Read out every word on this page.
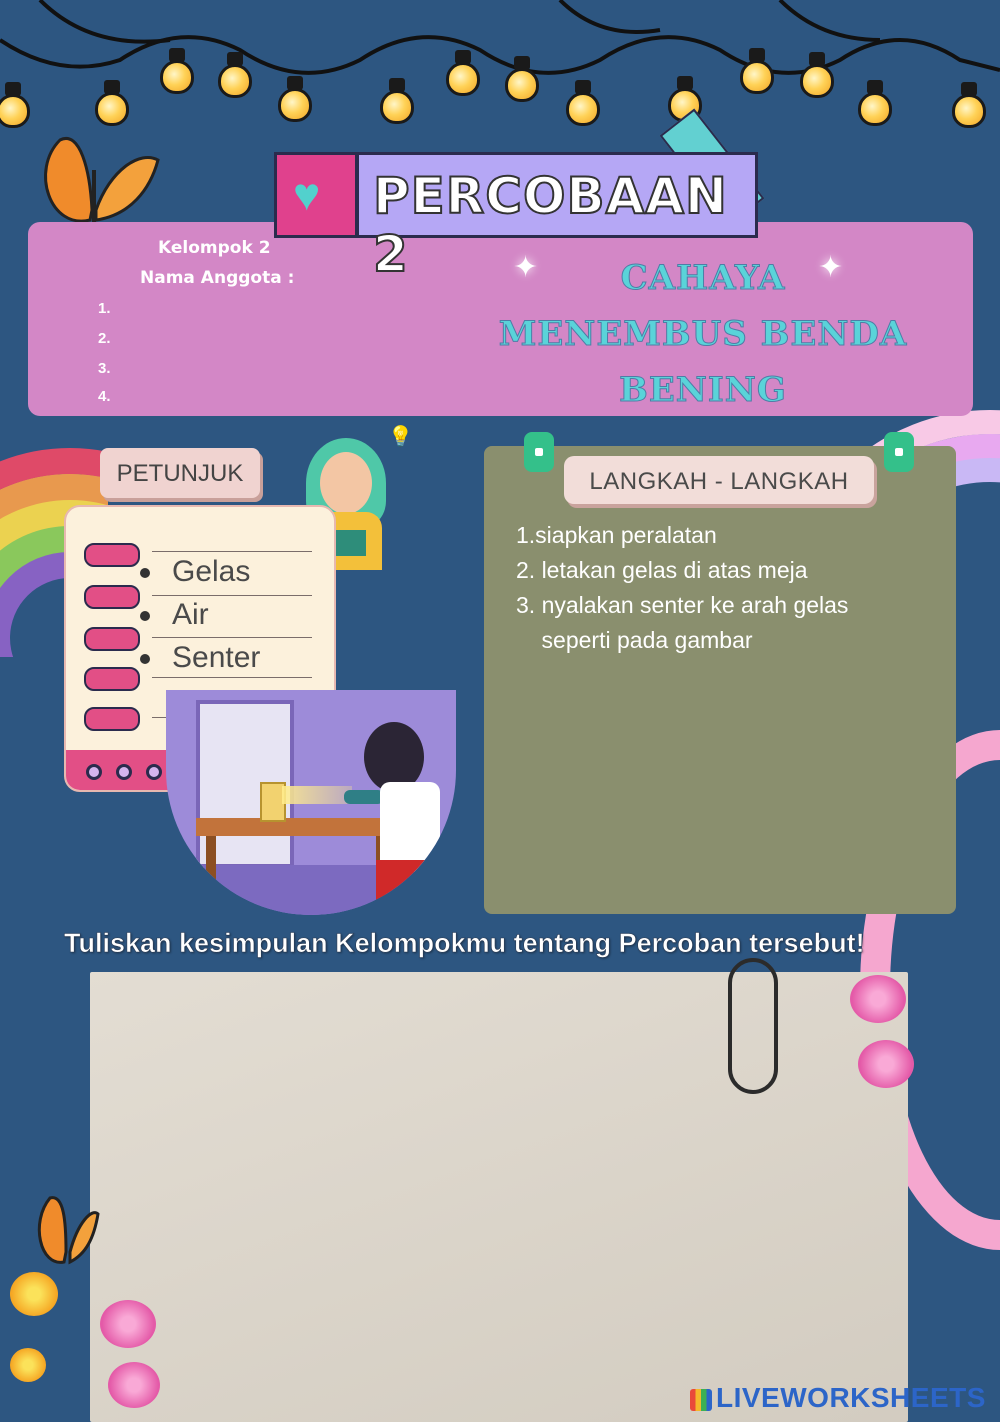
Kelompok 2
Nama Anggota :
1.
2.
3.
4.
✦	✦
CAHAYA
MENEMBUS BENDA
BENING
♥ PERCOBAAN 2
💡
PETUNJUK
Gelas
Air
Senter
LANGKAH - LANGKAH
1.siapkan peralatan
2. letakan gelas di atas meja
3. nyalakan senter ke arah gelas
seperti pada gambar
Tuliskan kesimpulan Kelompokmu tentang Percoban tersebut!
LIVEWORKSHEETS
